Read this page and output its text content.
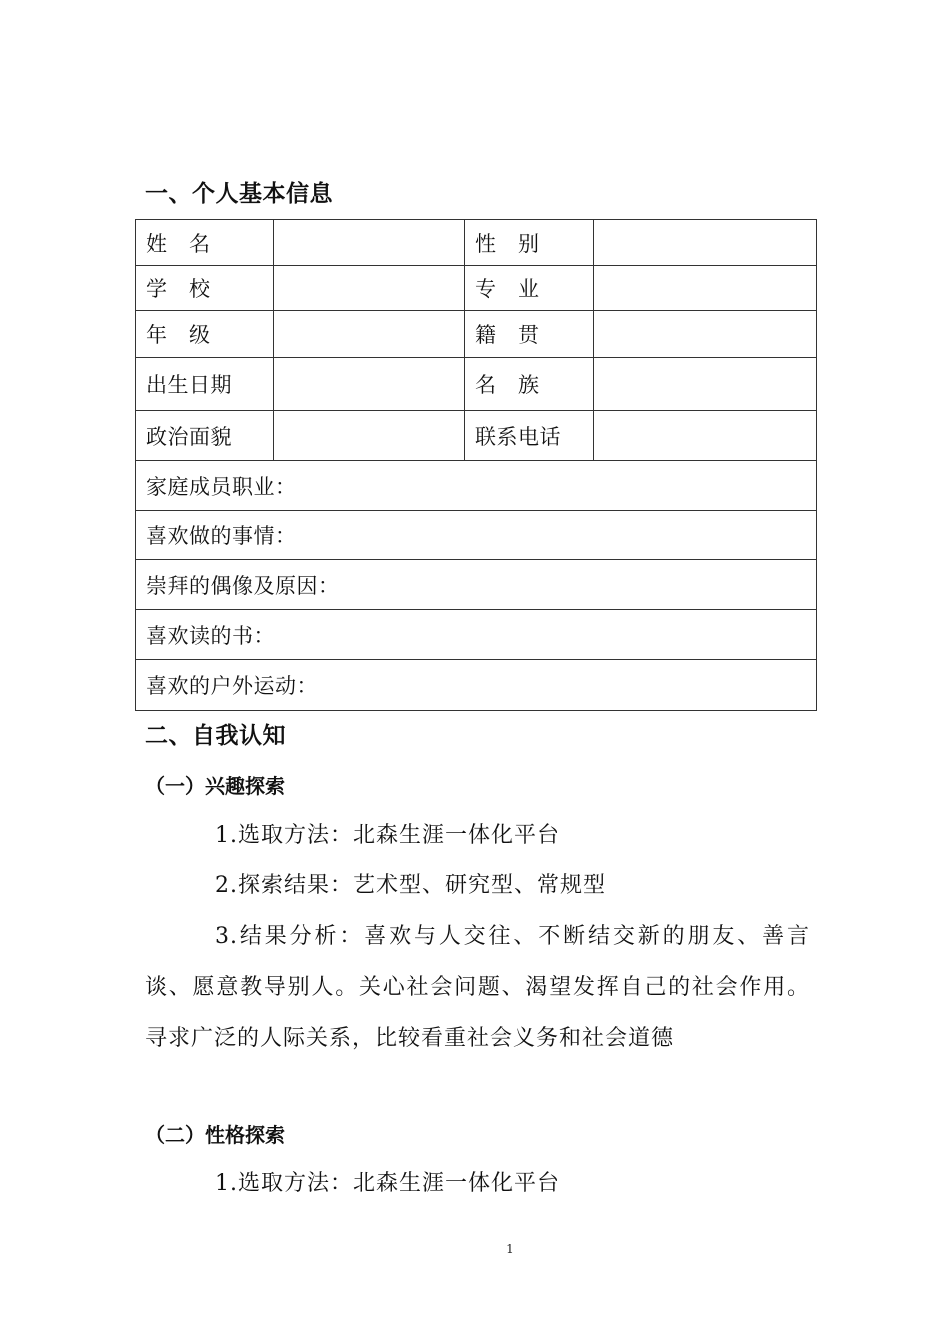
一、个人基本信息
姓　名		性　别	
学　校		专　业	
年　级		籍　贯	
出生日期		名　族	
政治面貌		联系电话	
家庭成员职业：			
喜欢做的事情：			
崇拜的偶像及原因：			
喜欢读的书：			
喜欢的户外运动：			
二、自我认知
（一）兴趣探索
1.选取方法：北森生涯一体化平台
2.探索结果：艺术型、研究型、常规型
3.结果分析：喜欢与人交往、不断结交新的朋友、善言谈、愿意教导别人。关心社会问题、渴望发挥自己的社会作用。寻求广泛的人际关系，比较看重社会义务和社会道德
（二）性格探索
1.选取方法：北森生涯一体化平台
1
